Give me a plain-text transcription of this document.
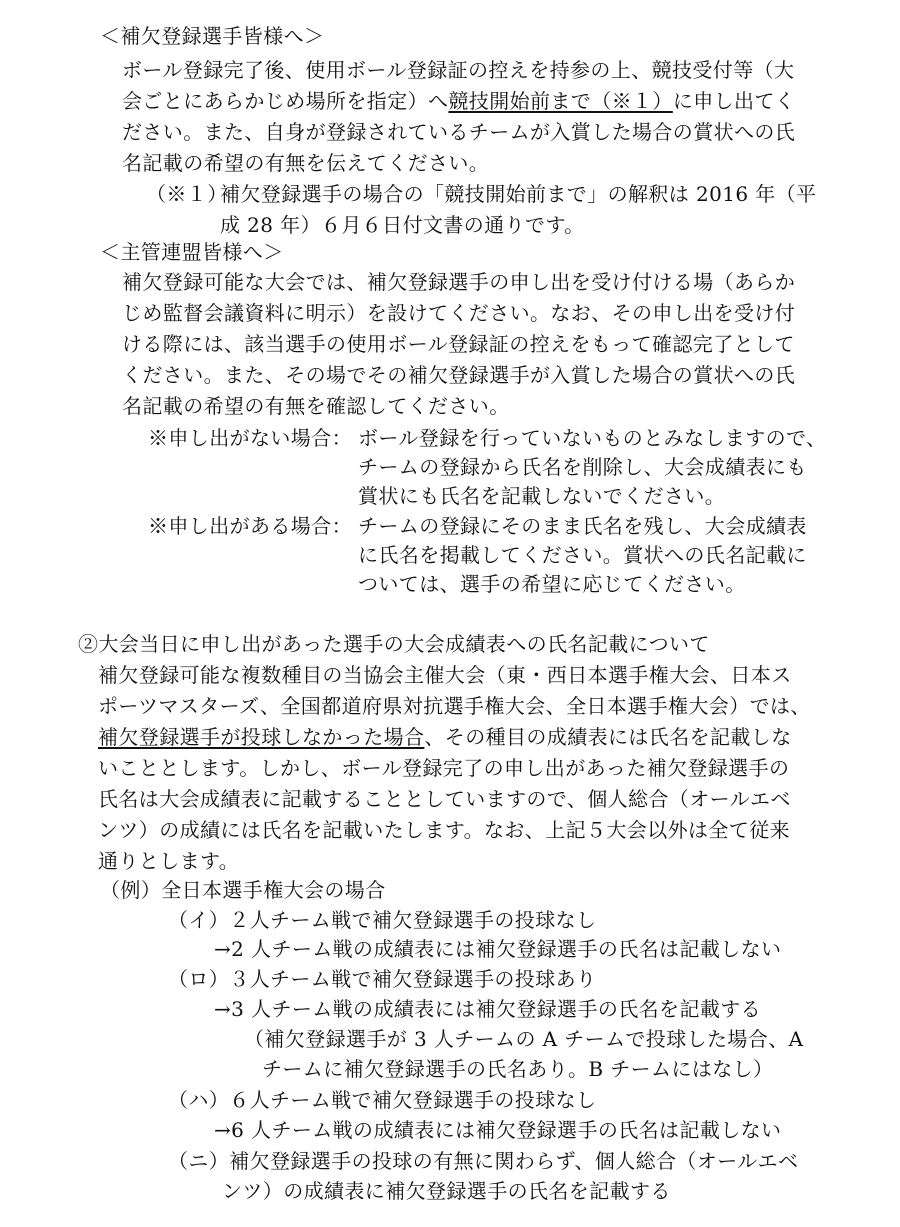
＜補欠登録選手皆様へ＞

ボール登録完了後、使用ボール登録証の控えを持参の上、競技受付等（大

会ごとにあらかじめ場所を指定）へ競技開始前まで（※１）に申し出てく

ださい。また、自身が登録されているチームが入賞した場合の賞状への氏

名記載の希望の有無を伝えてください。

（※１）

補欠登録選手の場合の「競技開始前まで」の解釈は 2016 年（平

成 28 年）６月６日付文書の通りです。

＜主管連盟皆様へ＞

補欠登録可能な大会では、補欠登録選手の申し出を受け付ける場（あらか

じめ監督会議資料に明示）を設けてください。なお、その申し出を受け付

ける際には、該当選手の使用ボール登録証の控えをもって確認完了として

ください。また、その場でその補欠登録選手が入賞した場合の賞状への氏

名記載の希望の有無を確認してください。

※申し出がない場合： ボール登録を行っていないものとみなしますので、

チームの登録から氏名を削除し、大会成績表にも

賞状にも氏名を記載しないでください。

※申し出がある場合： チームの登録にそのまま氏名を残し、大会成績表

に氏名を掲載してください。賞状への氏名記載に

ついては、選手の希望に応じてください。

②大会当日に申し出があった選手の大会成績表への氏名記載について

補欠登録可能な複数種目の当協会主催大会（東・西日本選手権大会、日本ス

ポーツマスターズ、全国都道府県対抗選手権大会、全日本選手権大会）では、

補欠登録選手が投球しなかった場合、その種目の成績表には氏名を記載しな

いこととします。しかし、ボール登録完了の申し出があった補欠登録選手の

氏名は大会成績表に記載することとしていますので、個人総合（オールエベ

ンツ）の成績には氏名を記載いたします。なお、上記５大会以外は全て従来

通りとします。

（例）全日本選手権大会の場合

（イ）２人チーム戦で補欠登録選手の投球なし

→2 人チーム戦の成績表には補欠登録選手の氏名は記載しない

（ロ）３人チーム戦で補欠登録選手の投球あり

→3 人チーム戦の成績表には補欠登録選手の氏名を記載する

（補欠登録選手が 3 人チームの A チームで投球した場合、A

チームに補欠登録選手の氏名あり。B チームにはなし）

（ハ）６人チーム戦で補欠登録選手の投球なし

→6 人チーム戦の成績表には補欠登録選手の氏名は記載しない

（ニ）補欠登録選手の投球の有無に関わらず、個人総合（オールエベ

ンツ）の成績表に補欠登録選手の氏名を記載する
